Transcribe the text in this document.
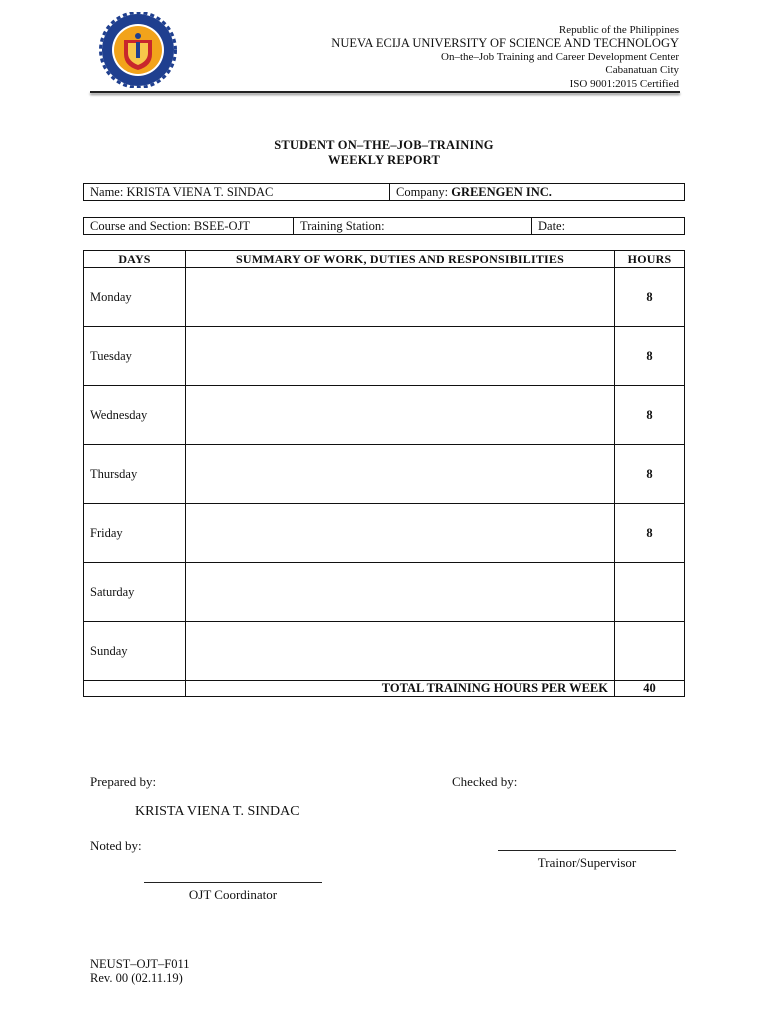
Republic of the Philippines
NUEVA ECIJA UNIVERSITY OF SCIENCE AND TECHNOLOGY
On–the–Job Training and Career Development Center
Cabanatuan City
ISO 9001:2015 Certified
STUDENT ON–THE–JOB–TRAINING
WEEKLY REPORT
Name: KRISTA VIENA T. SINDAC	Company: GREENGEN INC.
Course and Section: BSEE-OJT	Training Station:	Date:
DAYS	SUMMARY OF WORK, DUTIES AND RESPONSIBILITIES	HOURS
Monday		8
Tuesday		8
Wednesday		8
Thursday		8
Friday		8
Saturday		
Sunday		
	TOTAL TRAINING HOURS PER WEEK	40
Prepared by:	Checked by:
KRISTA VIENA T. SINDAC
Noted by:
Trainor/Supervisor
OJT Coordinator
NEUST–OJT–F011
Rev. 00 (02.11.19)
